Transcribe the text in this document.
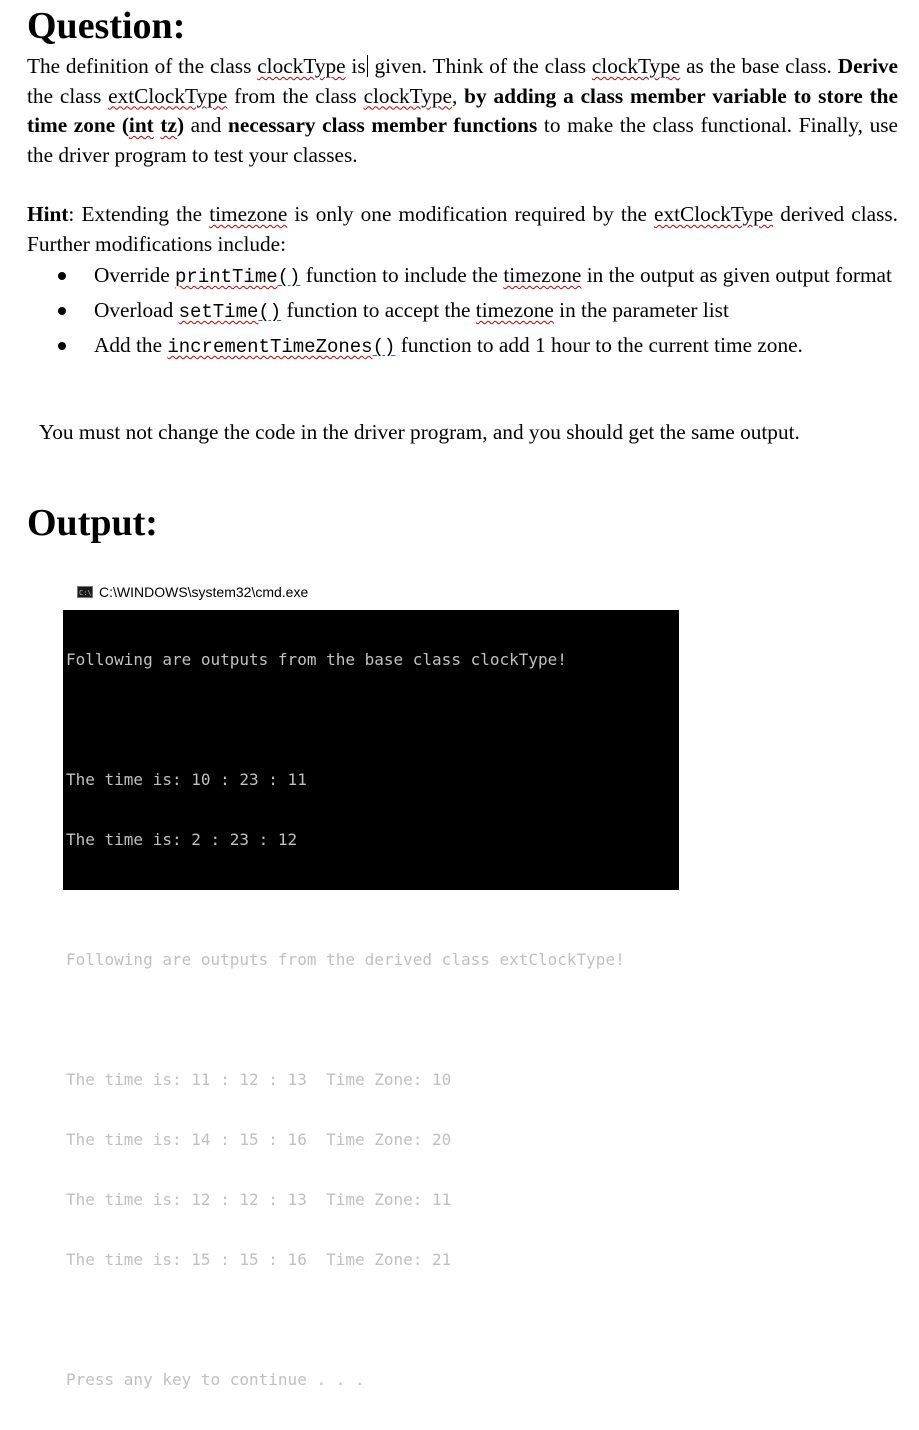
Question:

The definition of the class clockType is given. Think of the class clockType as the base class. Derive the class extClockType from the class clockType, by adding a class member variable to store the time zone (int tz) and necessary class member functions to make the class functional. Finally, use the driver program to test your classes.

Hint: Extending the timezone is only one modification required by the extClockType derived class. Further modifications include:

Override printTime() function to include the timezone in the output as given output format
Overload setTime() function to accept the timezone in the parameter list
Add the incrementTimeZones() function to add 1 hour to the current time zone.

You must not change the code in the driver program, and you should get the same output.

Output:
C:\ C:\WINDOWS\system32\cmd.exe

Following are outputs from the base class clockType!

The time is: 10 : 23 : 11

The time is: 2 : 23 : 12

Following are outputs from the derived class extClockType!

The time is: 11 : 12 : 13  Time Zone: 10

The time is: 14 : 15 : 16  Time Zone: 20

The time is: 12 : 12 : 13  Time Zone: 11

The time is: 15 : 15 : 16  Time Zone: 21

Press any key to continue . . .
